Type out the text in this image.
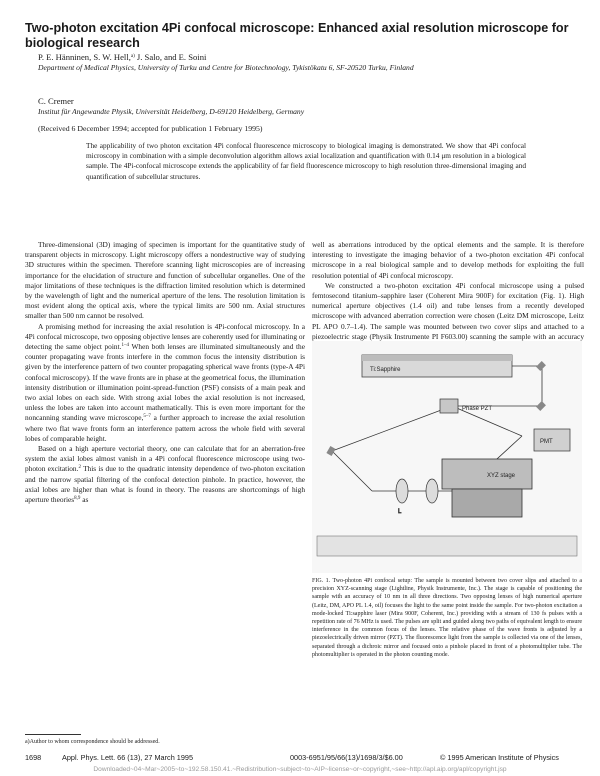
Two-photon excitation 4Pi confocal microscope: Enhanced axial resolution microscope for biological research
P. E. Hänninen, S. W. Hell,$^{a)}$ J. Salo, and E. Soini
Department of Medical Physics, University of Turku and Centre for Biotechnology, Tykistökatu 6, SF-20520 Turku, Finland
C. Cremer
Institut für Angewandte Physik, Universität Heidelberg, D-69120 Heidelberg, Germany
(Received 6 December 1994; accepted for publication 1 February 1995)
The applicability of two photon excitation 4Pi confocal fluorescence microscopy to biological imaging is demonstrated. We show that 4Pi confocal microscopy in combination with a simple deconvolution algorithm allows axial localization and quantification with 0.14 μm resolution in a biological sample. The 4Pi-confocal microscope extends the applicability of far field fluorescence microscopy to high resolution three-dimensional imaging and quantification of subcellular structures.

Three-dimensional (3D) imaging of specimen is important for the quantitative study of transparent objects in microscopy. Light microscopy offers a nondestructive way of studying 3D structures within the specimen. Therefore scanning light microscopies are of increasing importance for the elucidation of structure and function of subcellular organelles. One of the major limitations of these techniques is the diffraction limited resolution which is determined by the wavelength of light and the numerical aperture of the lens. The resolution limitation is most evident along the optical axis, where the typical limits are 500 nm. Axial structures smaller than 500 nm cannot be resolved.

A promising method for increasing the axial resolution is 4Pi-confocal microscopy. In a 4Pi confocal microscope, two opposing objective lenses are coherently used for illuminating or detecting the same object point.$^{1-4}$ When both lenses are illuminated simultaneously and the counter propagating wave fronts interfere in the common focus the intensity distribution is given by the interference pattern of two counter propagating spherical wave fronts (type-A 4Pi confocal microscopy). If the wave fronts are in phase at the geometrical focus, the illumination intensity distribution or illumination point-spread-function (PSF) consists of a main peak and two axial lobes on each side. With strong axial lobes the axial resolution is not increased, unless the lobes are taken into account mathematically. This is even more important for the noncanning standing wave microscope,$^{5-7}$ a further approach to increase the axial resolution where two flat wave fronts form an interference pattern across the whole field with several lobes of comparable height.

Based on a high aperture vectorial theory, one can calculate that for an aberration-free system the axial lobes almost vanish in a 4Pi confocal fluorescence microscope using two-photon excitation.$^2$ This is due to the quadratic intensity dependence of two-photon excitation and the narrow spatial filtering of the confocal detection pinhole. In practice, however, the axial lobes are higher than what is found in theory. The reasons are shortcomings of high aperture theories$^{8,9}$ as

well as aberrations introduced by the optical elements and the sample. It is therefore interesting to investigate the imaging behavior of a two-photon excitation 4Pi confocal microscope in a real biological sample and to develop methods for exploiting the full resolution potential of 4Pi confocal microscopy.

We constructed a two-photon excitation 4Pi confocal microscope using a pulsed femtosecond titanium–sapphire laser (Coherent Mira 900F) for excitation (Fig. 1). High numerical aperture objectives (1.4 oil) and tube lenses from a recently developed microscope with advanced aberration correction were chosen (Leitz DM microscope, Leitz PL APO 0.7–1.4). The sample was mounted between two cover slips and attached to a piezoelectric stage (Physik Instrumente PI F603.00) scanning the sample with an accuracy

Ti:Sapphire
Phase PZT
PMT
L
XYZ stage
FIG. 1. Two-photon 4Pi confocal setup: The sample is mounted between two cover slips and attached to a precision XYZ-scanning stage (Lightline, Physik Instrumente, Inc.). The stage is capable of positioning the sample with an accuracy of 10 nm in all three directions. Two opposing lenses of high numerical aperture (Leitz, DM, APO PL 1.4, oil) focuses the light to the same point inside the sample. For two-photon excitation a mode-locked Ti:sapphire laser (Mira 900F, Coherent, Inc.) providing with a stream of 130 fs pulses with a repetition rate of 76 MHz is used. The pulses are split and guided along two paths of equivalent length to ensure interference in the common focus of the lenses. The relative phase of the wave fronts is adjusted by a piezoelectrically driven mirror (PZT). The fluorescence light from the sample is collected via one of the lenses, separated through a dichroic mirror and focused onto a pinhole placed in front of a photomultiplier tube. The photomultiplier is operated in the photon counting mode.
a)Author to whom correspondence should be addressed.
1698	Appl. Phys. Lett. 66 (13), 27 March 1995	0003-6951/95/66(13)/1698/3/$6.00	© 1995 American Institute of Physics
Downloaded~04~Mar~2005~to~192.58.150.41.~Redistribution~subject~to~AIP~license~or~copyright,~see~http://apl.aip.org/apl/copyright.jsp
